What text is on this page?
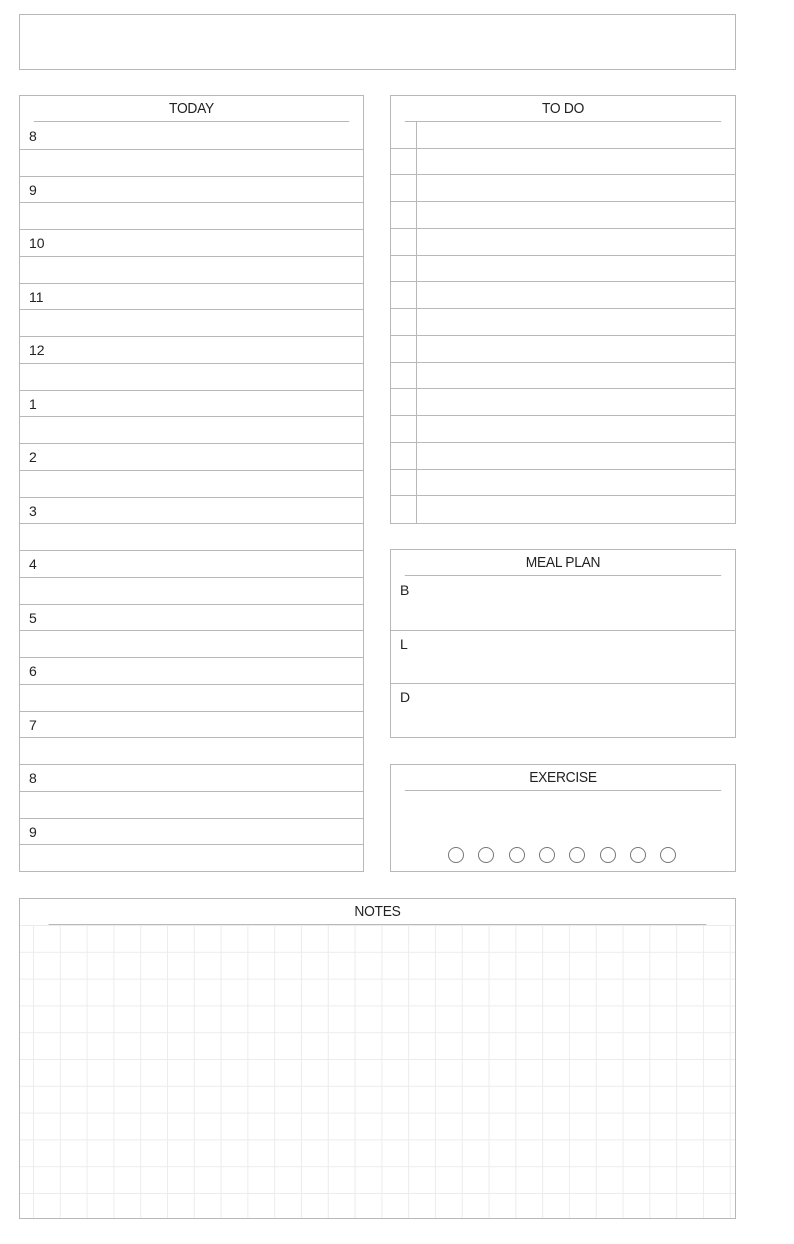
TODAY
8
9
10
11
12
1
2
3
4
5
6
7
8
9
TO DO
MEAL PLAN
B
L
D
EXERCISE
NOTES
